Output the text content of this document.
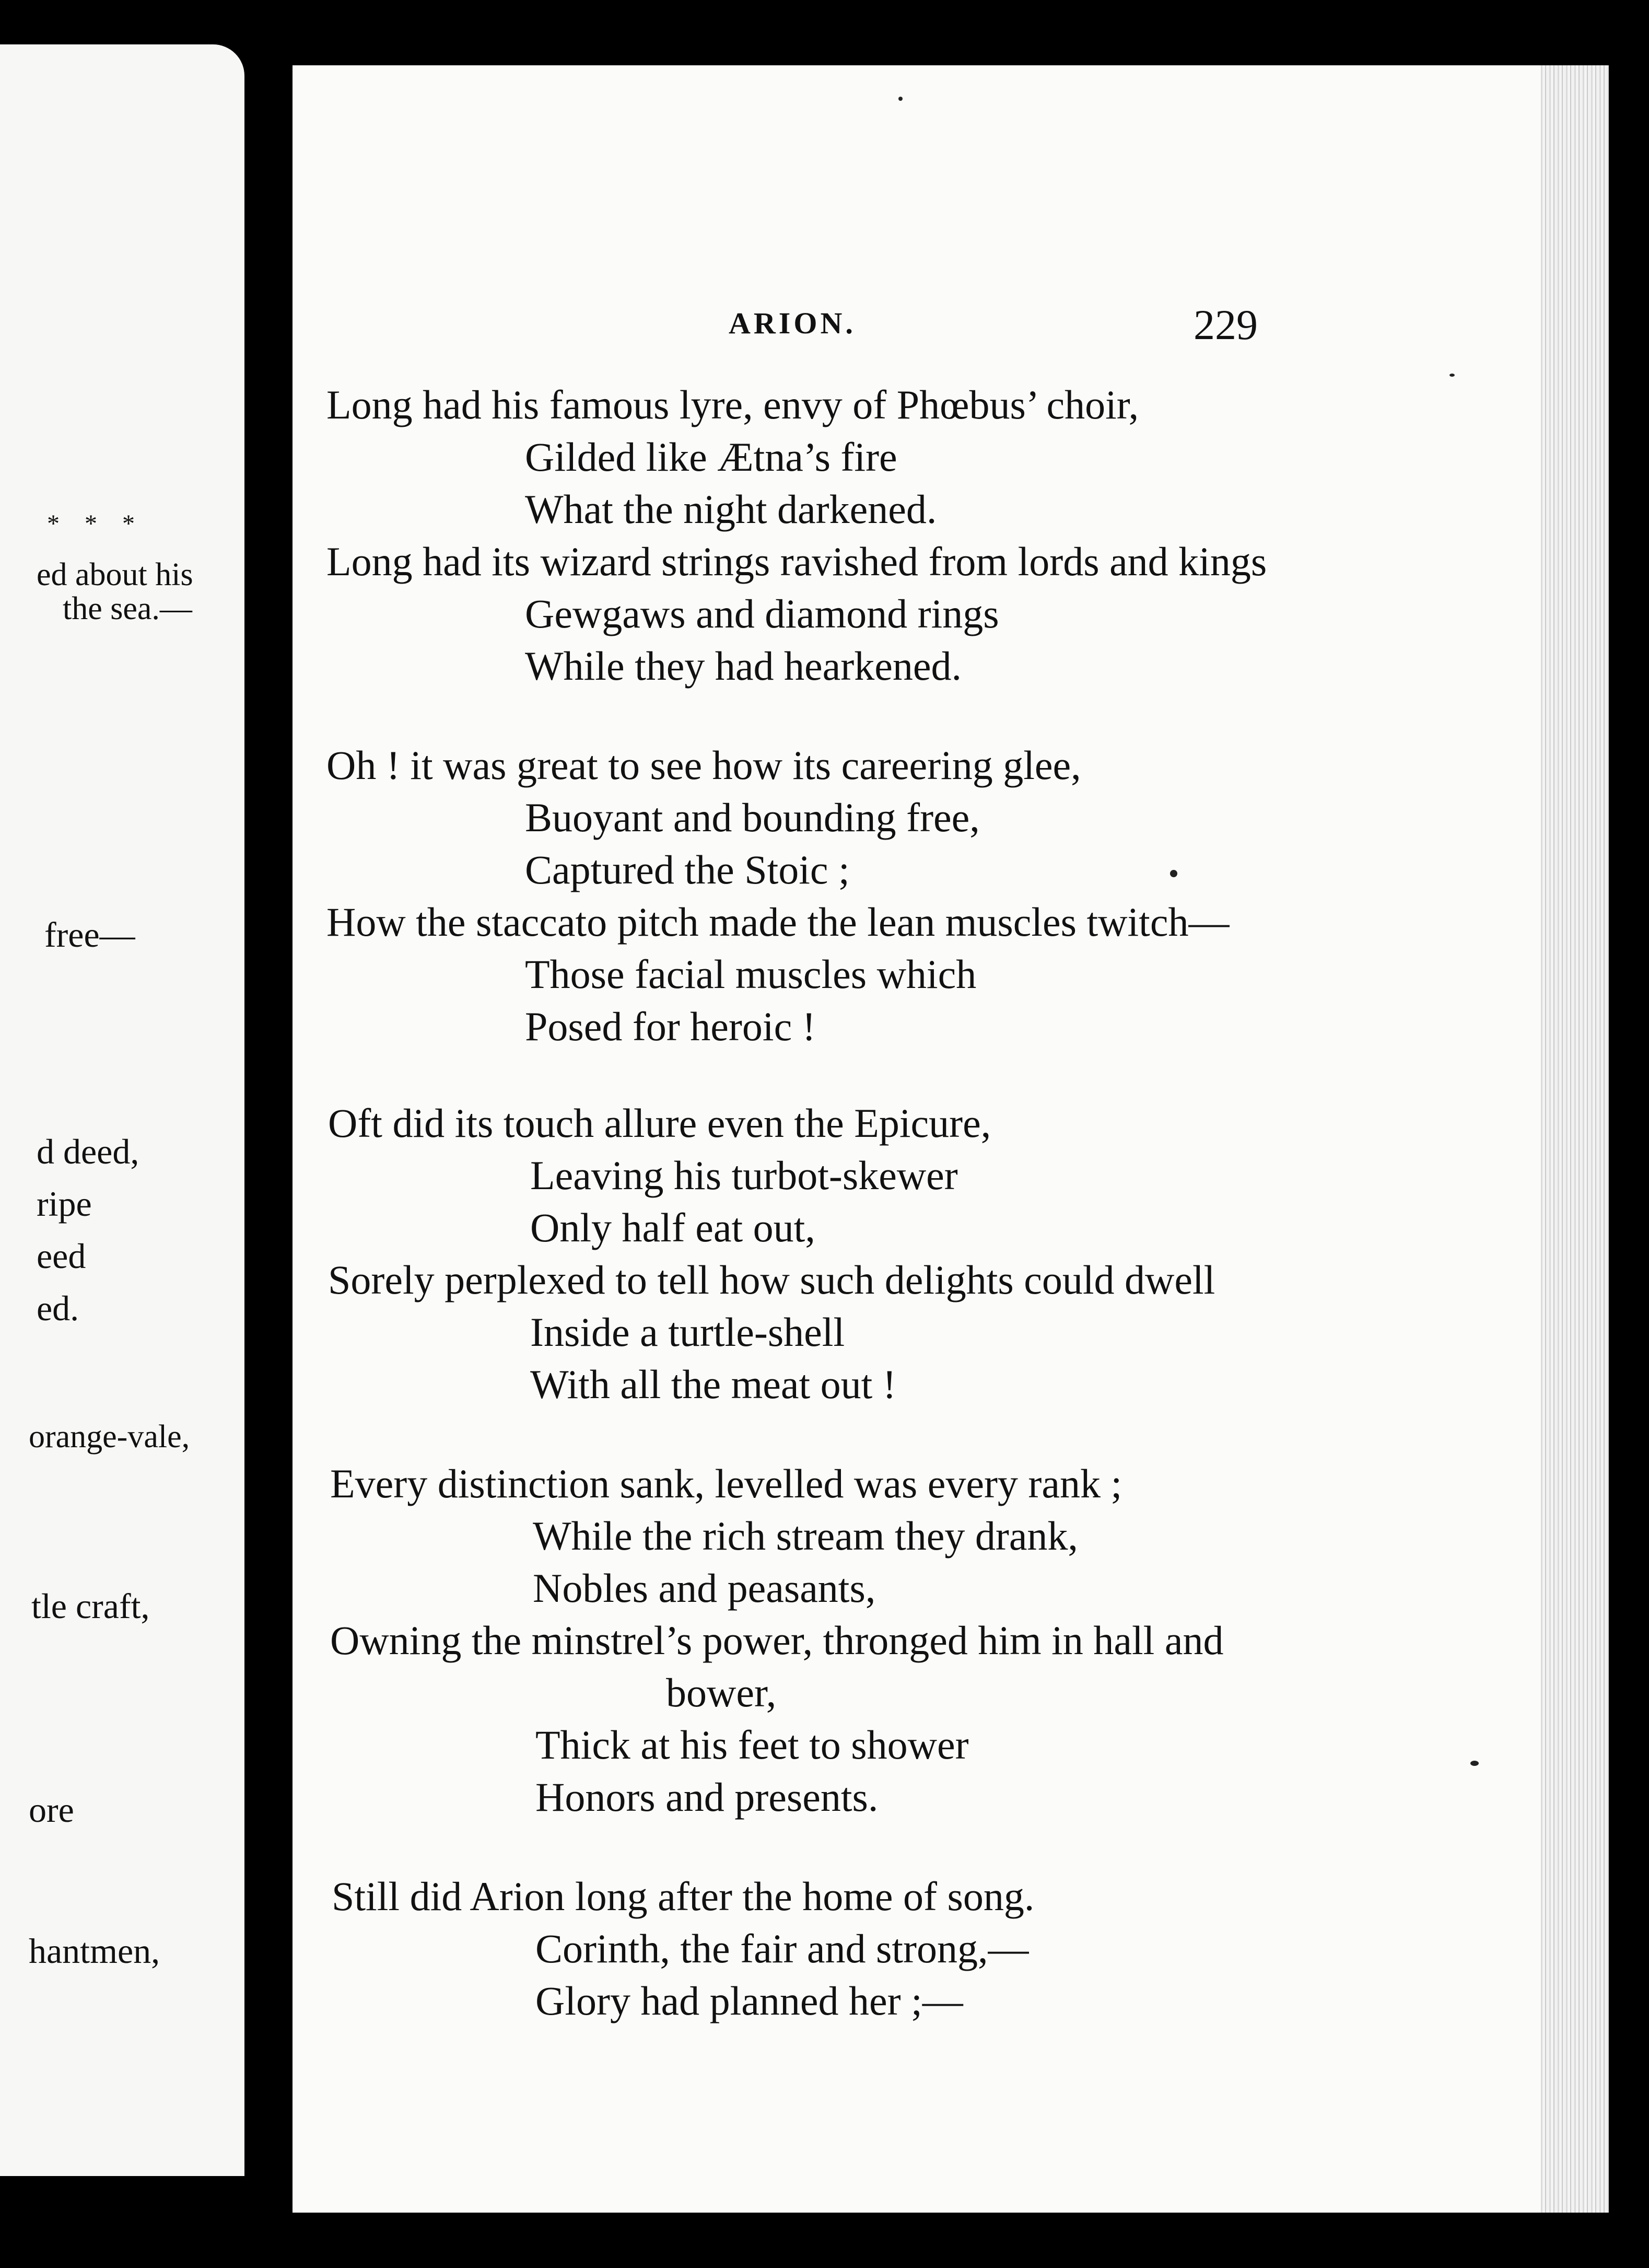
*    *    *
ed about his
the sea.—
free—
d deed,
ripe
eed
ed.
orange-vale,
tle craft,
ore
hantmen,
ARION.	229
Long had his famous lyre, envy of Phœbus’ choir,
Gilded like Ætna’s fire
What the night darkened.
Long had its wizard strings ravished from lords and kings
Gewgaws and diamond rings
While they had hearkened.
Oh ! it was great to see how its careering glee,
Buoyant and bounding free,
Captured the Stoic ;
How the staccato pitch made the lean muscles twitch—
Those facial muscles which
Posed for heroic !
Oft did its touch allure even the Epicure,
Leaving his turbot-skewer
Only half eat out,
Sorely perplexed to tell how such delights could dwell
Inside a turtle-shell
With all the meat out !
Every distinction sank, levelled was every rank ;
While the rich stream they drank,
Nobles and peasants,
Owning the minstrel’s power, thronged him in hall and
bower,
Thick at his feet to shower
Honors and presents.
Still did Arion long after the home of song.
Corinth, the fair and strong,—
Glory had planned her ;—
